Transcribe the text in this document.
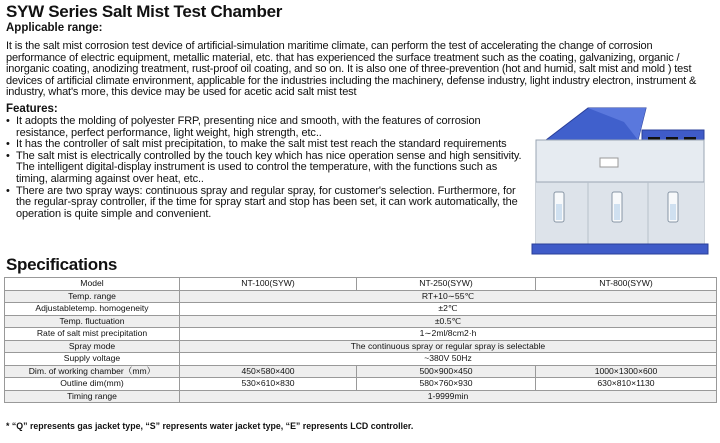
SYW Series Salt Mist Test Chamber
Applicable range:
It is the salt mist corrosion test device of artificial-simulation maritime climate, can perform the test of accelerating the change of corrosion performance of electric equipment, metallic material, etc. that has experienced the surface treatment such as the coating, galvanizing, organic / inorganic coating, anodizing treatment, rust-proof oil coating, and so on. It is also one of three-prevention (hot and humid, salt mist and mold ) test devices of artificial climate environment, applicable for the industries including the machinery, defense industry, light industry electron, instrument & industry, what's more, this device may be used for acetic acid salt mist test
Features:
• It adopts the molding of polyester FRP, presenting nice and smooth, with the features of corrosion resistance, perfect performance, light weight, high strength, etc..
• It has the controller of salt mist precipitation, to make the salt mist test reach the standard requirements
• The salt mist is electrically controlled by the touch key which has nice operation sense and high sensitivity. The intelligent digital-display instrument is used to control the temperature, with the functions such as timing, alarming against over heat, etc..
• There are two spray ways: continuous spray and regular spray, for customer's selection. Furthermore, for the regular-spray controller, if the time for spray start and stop has been set, it can work automatically, the operation is quite simple and convenient.
Specifications
Model	NT-100(SYW)	NT-250(SYW)	NT-800(SYW)
Temp. range	RT+10∼55℃		
Adjustabletemp. homogeneity	±2℃		
Temp. fluctuation	±0.5℃		
Rate of salt mist precipitation	1∼2ml/8cm2·h		
Spray mode	The continuous spray or regular spray is selectable		
Supply voltage	~380V 50Hz		
Dim. of working chamber（mm）	450×580×400	500×900×450	1000×1300×600
Outline dim(mm)	530×610×830	580×760×930	630×810×1130
Timing range	1-9999min		
* “Q” represents gas jacket type, “S” represents water jacket type, “E” represents LCD controller.
